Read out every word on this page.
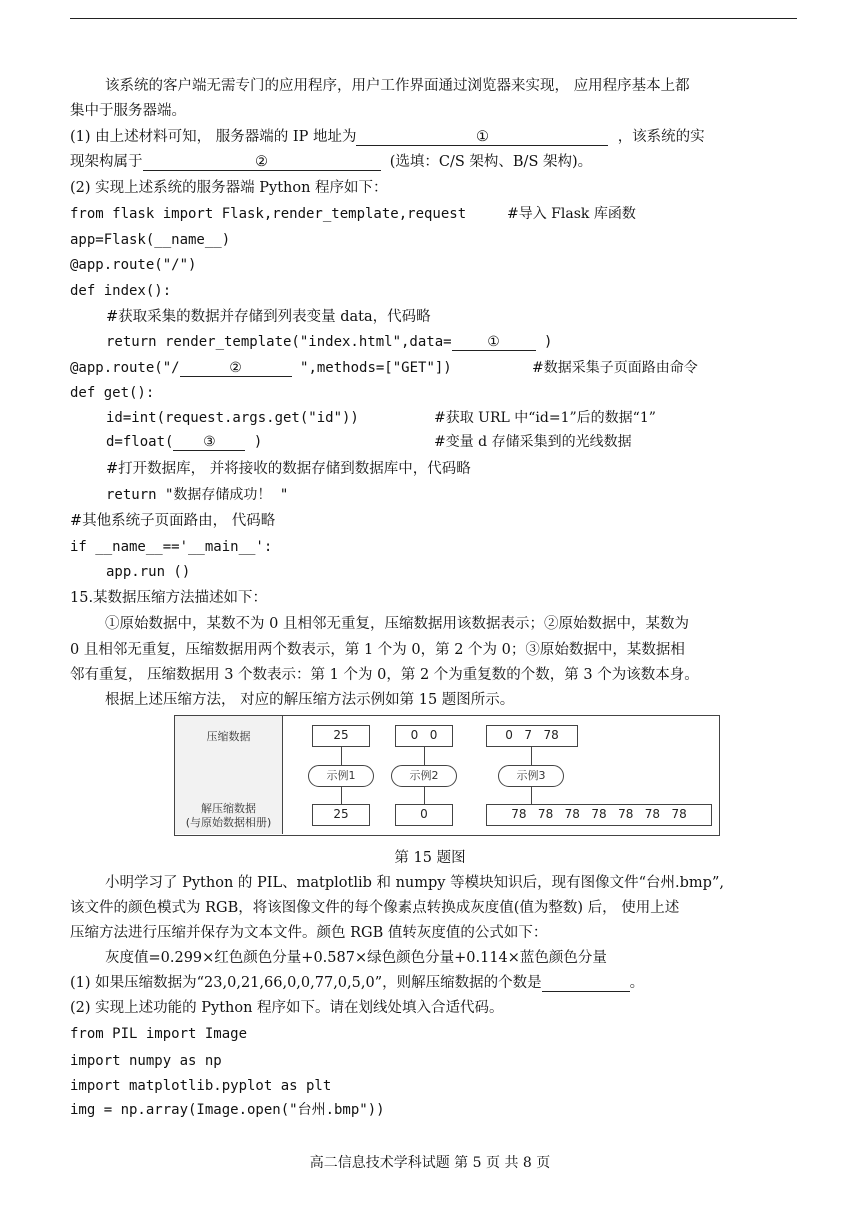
该系统的客户端无需专门的应用程序，用户工作界面通过浏览器来实现， 应用程序基本上都
集中于服务器端。
(1) 由上述材料可知， 服务器端的 IP 地址为	①	，该系统的实
现架构属于	②	(选填：C/S 架构、B/S 架构)。
(2) 实现上述系统的服务器端 Python 程序如下：
from flask import Flask,render_template,request	#导入 Flask 库函数
app=Flask(__name__)
@app.route("/")
def index():
#获取采集的数据并存储到列表变量 data，代码略
return render_template("index.html",data=	①	)
@app.route("/	②	",methods=["GET"])	#数据采集子页面路由命令
def get():
id=int(request.args.get("id"))	#获取 URL 中“id=1”后的数据“1”
d=float( ③	)	#变量 d 存储采集到的光线数据
#打开数据库， 并将接收的数据存储到数据库中，代码略
return "数据存储成功！ "
#其他系统子页面路由， 代码略
if __name__=='__main__':
app.run ()
15.某数据压缩方法描述如下：
①原始数据中，某数不为 0 且相邻无重复，压缩数据用该数据表示；②原始数据中，某数为
0 且相邻无重复，压缩数据用两个数表示，第 1 个为 0，第 2 个为 0；③原始数据中，某数据相
邻有重复， 压缩数据用 3 个数表示：第 1 个为 0，第 2 个为重复数的个数，第 3 个为该数本身。
根据上述压缩方法， 对应的解压缩方法示例如第 15 题图所示。
压缩数据
解压缩数据
(与原始数据相册)
25
示例1
25
0   0
示例2
0
0   7   78
示例3
78   78   78   78   78   78   78
第 15 题图
小明学习了 Python 的 PIL、matplotlib 和 numpy 等模块知识后，现有图像文件“台州.bmp”,
该文件的颜色模式为 RGB，将该图像文件的每个像素点转换成灰度值(值为整数) 后， 使用上述
压缩方法进行压缩并保存为文本文件。颜色 RGB 值转灰度值的公式如下：
灰度值=0.299×红色颜色分量+0.587×绿色颜色分量+0.114×蓝色颜色分量
(1) 如果压缩数据为“23,0,21,66,0,0,77,0,5,0”，则解压缩数据的个数是	。
(2) 实现上述功能的 Python 程序如下。请在划线处填入合适代码。
from PIL import Image
import numpy as np
import matplotlib.pyplot as plt
img = np.array(Image.open("台州.bmp"))
高二信息技术学科试题 第 5 页 共 8 页
